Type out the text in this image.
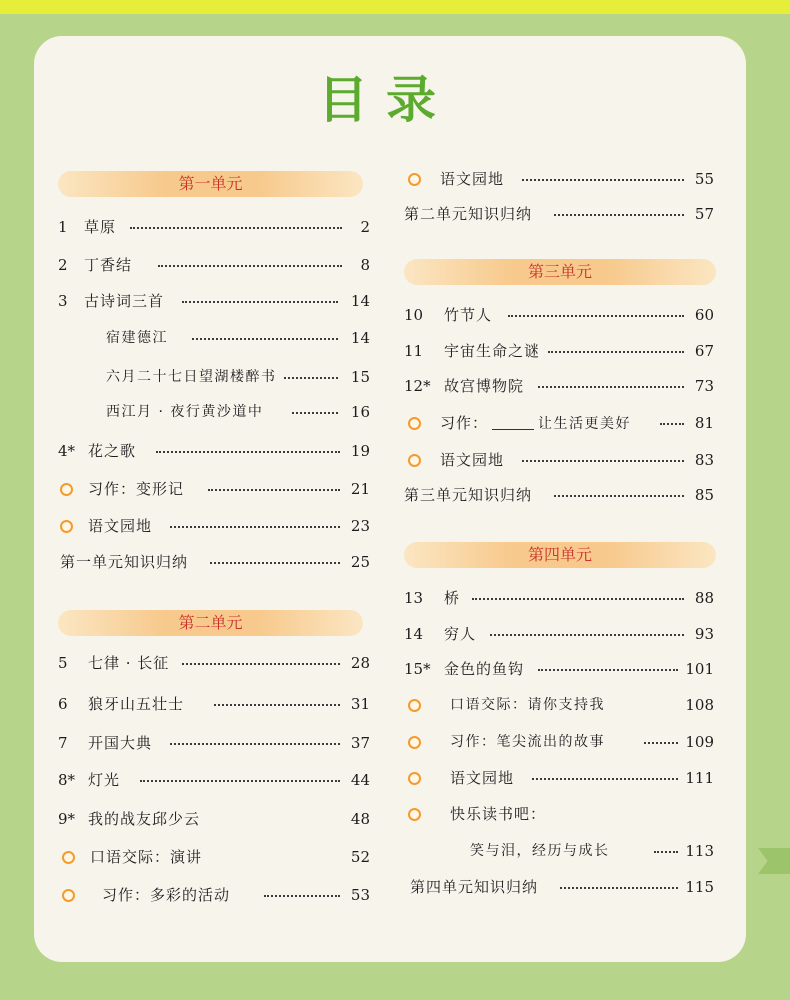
目录
第一单元
1 草原	2
2 丁香结	8
3 古诗词三首	14
宿建德江	14
六月二十七日望湖楼醉书	15
西江月 · 夜行黄沙道中	16
4* 花之歌	19
习作：变形记	21
语文园地	23
第一单元知识归纳	25
第二单元
5 七律 · 长征	28
6 狼牙山五壮士	31
7 开国大典	37
8* 灯光	44
9* 我的战友邱少云	48
口语交际：演讲	52
习作：多彩的活动	53
语文园地	55
第二单元知识归纳	57
第三单元
10 竹节人	60
11 宇宙生命之谜	67
12* 故宫博物院	73
习作：	让生活更美好	81
语文园地	83
第三单元知识归纳	85
第四单元
13 桥	88
14 穷人	93
15* 金色的鱼钩	101
口语交际：请你支持我	108
习作：笔尖流出的故事	109
语文园地	111
快乐读书吧：
笑与泪，经历与成长	113
第四单元知识归纳	115
